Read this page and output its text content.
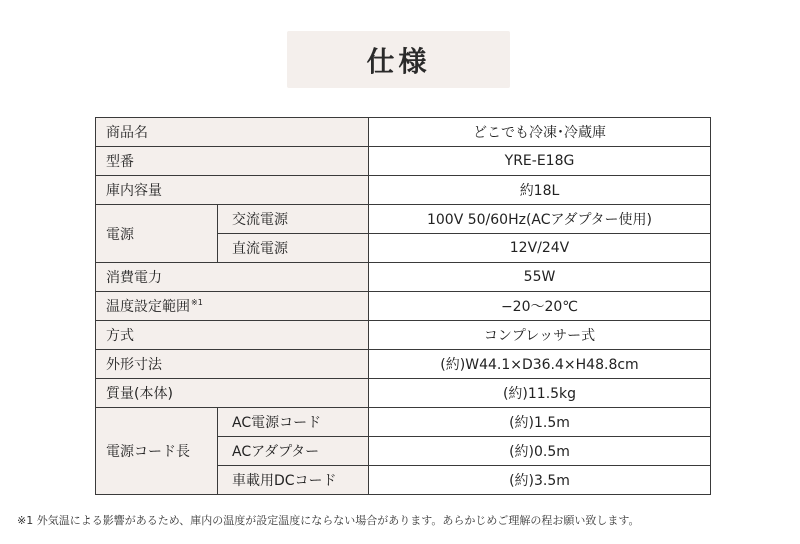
仕様
商品名		どこでも冷凍･冷蔵庫
型番		YRE-E18G
庫内容量		約18L
電源	交流電源	100V 50/60Hz(ACアダプター使用)
	直流電源	12V/24V
消費電力		55W
温度設定範囲$^{※1}$		−20〜20℃
方式		コンプレッサー式
外形寸法		(約)W44.1×D36.4×H48.8cm
質量(本体)		(約)11.5kg
電源コード長	AC電源コード	(約)1.5m
	ACアダプター	(約)0.5m
	車載用DCコード	(約)3.5m
※1 外気温による影響があるため、庫内の温度が設定温度にならない場合があります。あらかじめご理解の程お願い致します。
